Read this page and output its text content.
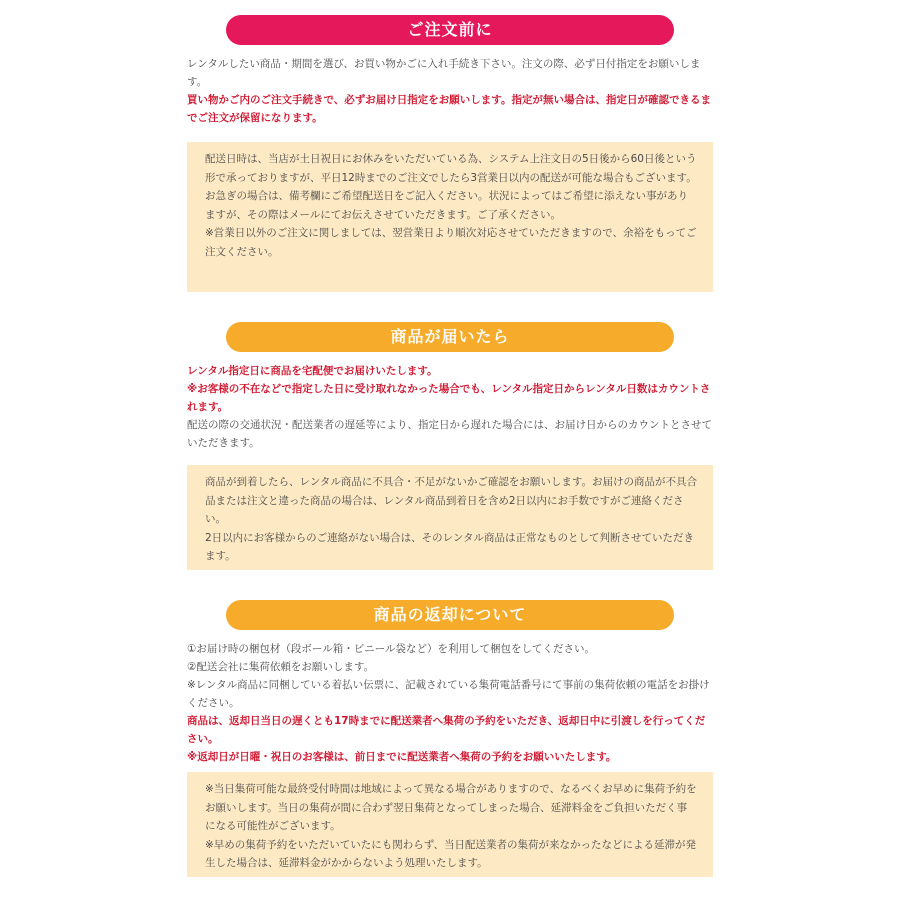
ご注文前に
レンタルしたい商品・期間を選び、お買い物かごに入れ手続き下さい。注文の際、必ず日付指定をお願いします。
買い物かご内のご注文手続きで、必ずお届け日指定をお願いします。指定が無い場合は、指定日が確認できるまでご注文が保留になります。
配送日時は、当店が土日祝日にお休みをいただいている為、システム上注文日の5日後から60日後という形で承っておりますが、平日12時までのご注文でしたら3営業日以内の配送が可能な場合もございます。
お急ぎの場合は、備考欄にご希望配送日をご記入ください。状況によってはご希望に添えない事がありますが、その際はメールにてお伝えさせていただきます。ご了承ください。
※営業日以外のご注文に関しましては、翌営業日より順次対応させていただきますので、余裕をもってご注文ください。
商品が届いたら
レンタル指定日に商品を宅配便でお届けいたします。
※お客様の不在などで指定した日に受け取れなかった場合でも、レンタル指定日からレンタル日数はカウントされます。
配送の際の交通状況・配送業者の遅延等により、指定日から遅れた場合には、お届け日からのカウントとさせていただきます。
商品が到着したら、レンタル商品に不具合・不足がないかご確認をお願いします。お届けの商品が不具合品または注文と違った商品の場合は、レンタル商品到着日を含め2日以内にお手数ですがご連絡ください。
2日以内にお客様からのご連絡がない場合は、そのレンタル商品は正常なものとして判断させていただきます。
商品の返却について
①お届け時の梱包材（段ボール箱・ビニール袋など）を利用して梱包をしてください。
②配送会社に集荷依頼をお願いします。
※レンタル商品に同梱している着払い伝票に、記載されている集荷電話番号にて事前の集荷依頼の電話をお掛けください。
商品は、返却日当日の遅くとも17時までに配送業者へ集荷の予約をいただき、返却日中に引渡しを行ってください。
※返却日が日曜・祝日のお客様は、前日までに配送業者へ集荷の予約をお願いいたします。
※当日集荷可能な最終受付時間は地域によって異なる場合がありますので、なるべくお早めに集荷予約をお願いします。当日の集荷が間に合わず翌日集荷となってしまった場合、延滞料金をご負担いただく事になる可能性がございます。
※早めの集荷予約をいただいていたにも関わらず、当日配送業者の集荷が来なかったなどによる延滞が発生した場合は、延滞料金がかからないよう処理いたします。
